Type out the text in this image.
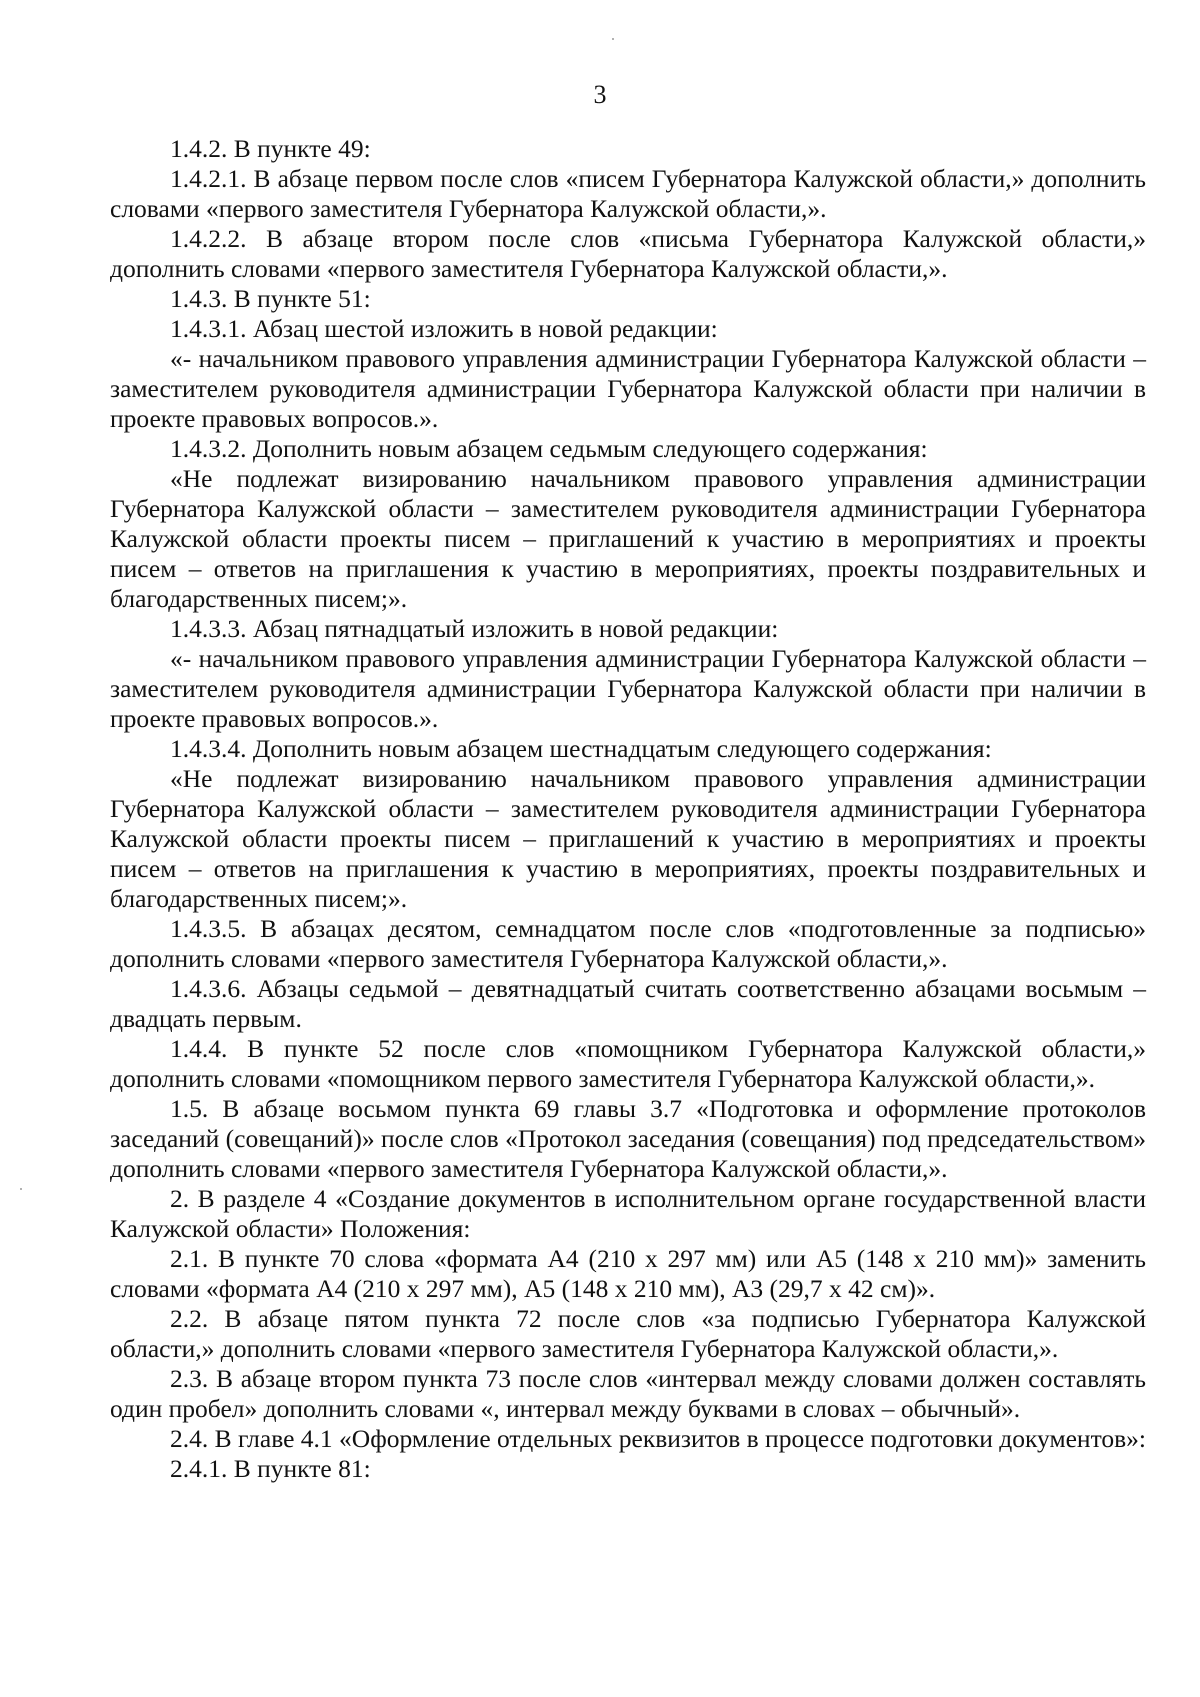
3

1.4.2. В пункте 49:

1.4.2.1. В абзаце первом после слов «писем Губернатора Калужской области,» дополнить словами «первого заместителя Губернатора Калужской области,».

1.4.2.2. В абзаце втором после слов «письма Губернатора Калужской области,» дополнить словами «первого заместителя Губернатора Калужской области,».

1.4.3. В пункте 51:

1.4.3.1. Абзац шестой изложить в новой редакции:

«- начальником правового управления администрации Губернатора Калужской области – заместителем руководителя администрации Губернатора Калужской области при наличии в проекте правовых вопросов.».

1.4.3.2. Дополнить новым абзацем седьмым следующего содержания:

«Не подлежат визированию начальником правового управления администрации Губернатора Калужской области – заместителем руководителя администрации Губернатора Калужской области проекты писем – приглашений к участию в мероприятиях и проекты писем – ответов на приглашения к участию в мероприятиях, проекты поздравительных и благодарственных писем;».

1.4.3.3. Абзац пятнадцатый изложить в новой редакции:

«- начальником правового управления администрации Губернатора Калужской области – заместителем руководителя администрации Губернатора Калужской области при наличии в проекте правовых вопросов.».

1.4.3.4. Дополнить новым абзацем шестнадцатым следующего содержания:

«Не подлежат визированию начальником правового управления администрации Губернатора Калужской области – заместителем руководителя администрации Губернатора Калужской области проекты писем – приглашений к участию в мероприятиях и проекты писем – ответов на приглашения к участию в мероприятиях, проекты поздравительных и благодарственных писем;».

1.4.3.5. В абзацах десятом, семнадцатом после слов «подготовленные за подписью» дополнить словами «первого заместителя Губернатора Калужской области,».

1.4.3.6. Абзацы седьмой – девятнадцатый считать соответственно абзацами восьмым – двадцать первым.

1.4.4. В пункте 52 после слов «помощником Губернатора Калужской области,» дополнить словами «помощником первого заместителя Губернатора Калужской области,».

1.5. В абзаце восьмом пункта 69 главы 3.7 «Подготовка и оформление протоколов заседаний (совещаний)» после слов «Протокол заседания (совещания) под председательством» дополнить словами «первого заместителя Губернатора Калужской области,».

2. В разделе 4 «Создание документов в исполнительном органе государственной власти Калужской области» Положения:

2.1. В пункте 70 слова «формата А4 (210 х 297 мм) или А5 (148 х 210 мм)» заменить словами «формата А4 (210 х 297 мм), А5 (148 х 210 мм), А3 (29,7 х 42 см)».

2.2. В абзаце пятом пункта 72 после слов «за подписью Губернатора Калужской области,» дополнить словами «первого заместителя Губернатора Калужской области,».

2.3. В абзаце втором пункта 73 после слов «интервал между словами должен составлять один пробел» дополнить словами «, интервал между буквами в словах – обычный».

2.4. В главе 4.1 «Оформление отдельных реквизитов в процессе подготовки документов»:

2.4.1. В пункте 81:
